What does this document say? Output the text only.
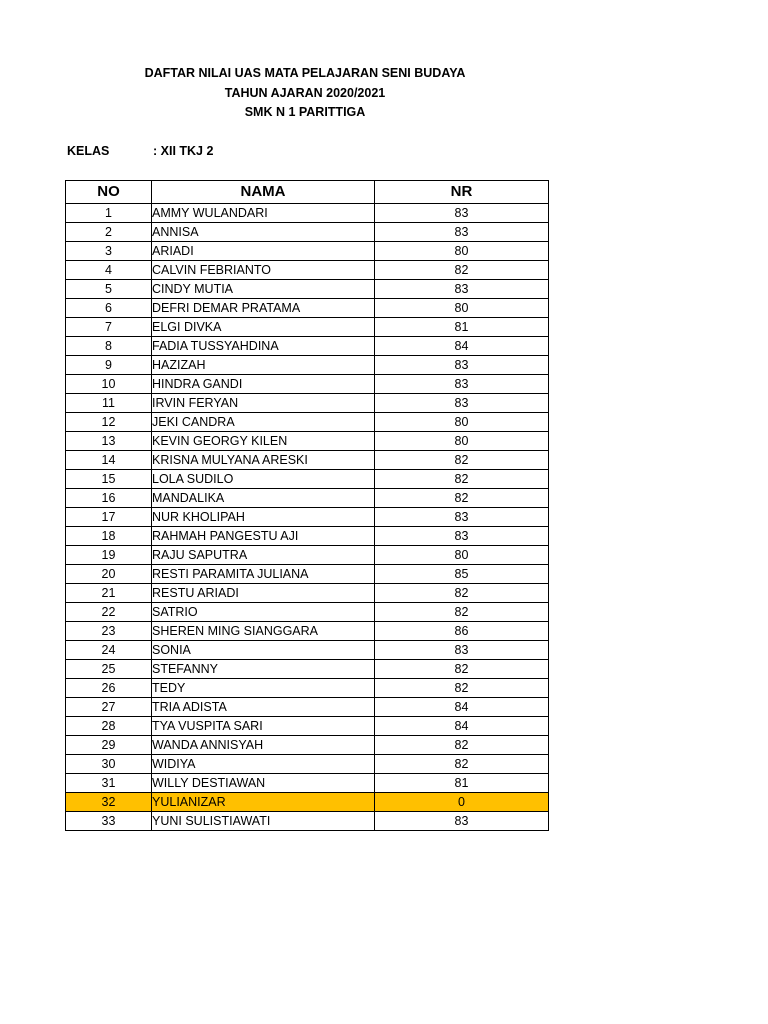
DAFTAR NILAI UAS MATA PELAJARAN SENI BUDAYA
TAHUN AJARAN 2020/2021
SMK N 1 PARITTIGA
KELAS	: XII TKJ 2
NO	NAMA	NR
1	AMMY WULANDARI	83
2	ANNISA	83
3	ARIADI	80
4	CALVIN FEBRIANTO	82
5	CINDY MUTIA	83
6	DEFRI DEMAR PRATAMA	80
7	ELGI DIVKA	81
8	FADIA TUSSYAHDINA	84
9	HAZIZAH	83
10	HINDRA GANDI	83
11	IRVIN FERYAN	83
12	JEKI CANDRA	80
13	KEVIN GEORGY KILEN	80
14	KRISNA MULYANA ARESKI	82
15	LOLA SUDILO	82
16	MANDALIKA	82
17	NUR KHOLIPAH	83
18	RAHMAH PANGESTU AJI	83
19	RAJU SAPUTRA	80
20	RESTI PARAMITA JULIANA	85
21	RESTU ARIADI	82
22	SATRIO	82
23	SHEREN MING SIANGGARA	86
24	SONIA	83
25	STEFANNY	82
26	TEDY	82
27	TRIA ADISTA	84
28	TYA VUSPITA SARI	84
29	WANDA ANNISYAH	82
30	WIDIYA	82
31	WILLY DESTIAWAN	81
32	YULIANIZAR	0
33	YUNI SULISTIAWATI	83
